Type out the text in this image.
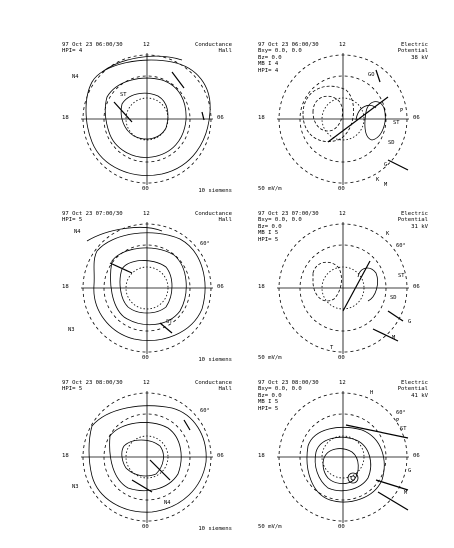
97 Oct 23 06:00/30
HPI= 4
Conductance
Hall
12
18	06
00
N4
ST
10 siemens
97 Oct 23 06:00/30
Bxy= 0.0, 0.0
Bz= 0.0
MB I 4
HPI= 4
Electric
Potential
38 kV
12
18	06
00
GO
P
ST
SD
G
K
M
50 mV/m
97 Oct 23 07:00/30
HPI= 5
Conductance
Hall
12
18	06
00
N4
60°
N3
ST
10 siemens
97 Oct 23 07:00/30
Bxy= 0.0, 0.0
Bz= 0.0
MB I 5
HPI= 5
Electric
Potential
31 kV
12
18	06
00
K
60°
ST
SD
G
M
T
50 mV/m
97 Oct 23 08:00/30
HPI= 5
Conductance
Hall
12
18	06
00
60°
N3
N4
10 siemens
97 Oct 23 08:00/30
Bxy= 0.0, 0.0
Bz= 0.0
MB I 5
HPI= 5
Electric
Potential
41 kV
12
18	06
00
H
P
ST
60°
G
M
50 mV/m
